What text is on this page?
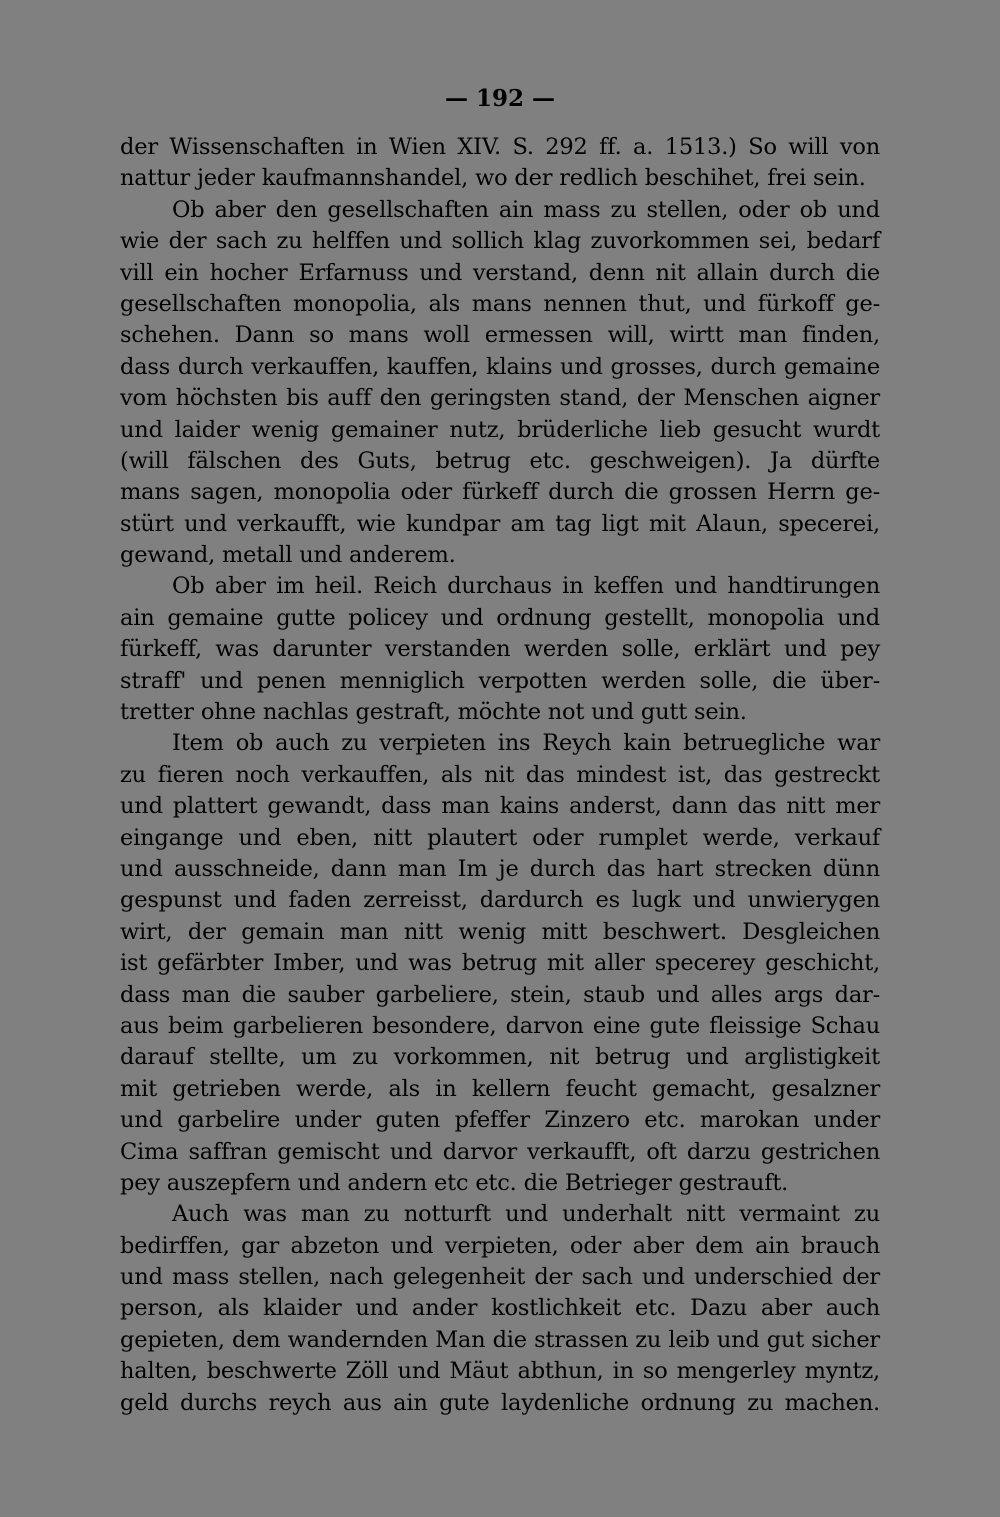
— 192 —
der Wissenschaften in Wien XIV. S. 292 ff. a. 1513.) So will von
nattur jeder kaufmannshandel, wo der redlich beschihet, frei sein.
Ob aber den gesellschaften ain mass zu stellen, oder ob und
wie der sach zu helffen und sollich klag zuvorkommen sei, bedarf
vill ein hocher Erfarnuss und verstand, denn nit allain durch die
gesellschaften monopolia, als mans nennen thut, und fürkoff ge-
schehen. Dann so mans woll ermessen will, wirtt man finden,
dass durch verkauffen, kauffen, klains und grosses, durch gemaine
vom höchsten bis auff den geringsten stand, der Menschen aigner
und laider wenig gemainer nutz, brüderliche lieb gesucht wurdt
(will fälschen des Guts, betrug etc. geschweigen). Ja dürfte
mans sagen, monopolia oder fürkeff durch die grossen Herrn ge-
stürt und verkaufft, wie kundpar am tag ligt mit Alaun, specerei,
gewand, metall und anderem.
Ob aber im heil. Reich durchaus in keffen und handtirungen
ain gemaine gutte policey und ordnung gestellt, monopolia und
fürkeff, was darunter verstanden werden solle, erklärt und pey
straff' und penen menniglich verpotten werden solle, die über-
tretter ohne nachlas gestraft, möchte not und gutt sein.
Item ob auch zu verpieten ins Reych kain betruegliche war
zu fieren noch verkauffen, als nit das mindest ist, das gestreckt
und plattert gewandt, dass man kains anderst, dann das nitt mer
eingange und eben, nitt plautert oder rumplet werde, verkauf
und ausschneide, dann man Im je durch das hart strecken dünn
gespunst und faden zerreisst, dardurch es lugk und unwierygen
wirt, der gemain man nitt wenig mitt beschwert. Desgleichen
ist gefärbter Imber, und was betrug mit aller specerey geschicht,
dass man die sauber garbeliere, stein, staub und alles args dar-
aus beim garbelieren besondere, darvon eine gute fleissige Schau
darauf stellte, um zu vorkommen, nit betrug und arglistigkeit
mit getrieben werde, als in kellern feucht gemacht, gesalzner
und garbelire under guten pfeffer Zinzero etc. marokan under
Cima saffran gemischt und darvor verkaufft, oft darzu gestrichen
pey auszepfern und andern etc etc. die Betrieger gestrauft.
Auch was man zu notturft und underhalt nitt vermaint zu
bedirffen, gar abzeton und verpieten, oder aber dem ain brauch
und mass stellen, nach gelegenheit der sach und underschied der
person, als klaider und ander kostlichkeit etc. Dazu aber auch
gepieten, dem wandernden Man die strassen zu leib und gut sicher
halten, beschwerte Zöll und Mäut abthun, in so mengerley myntz,
geld durchs reych aus ain gute laydenliche ordnung zu machen.
